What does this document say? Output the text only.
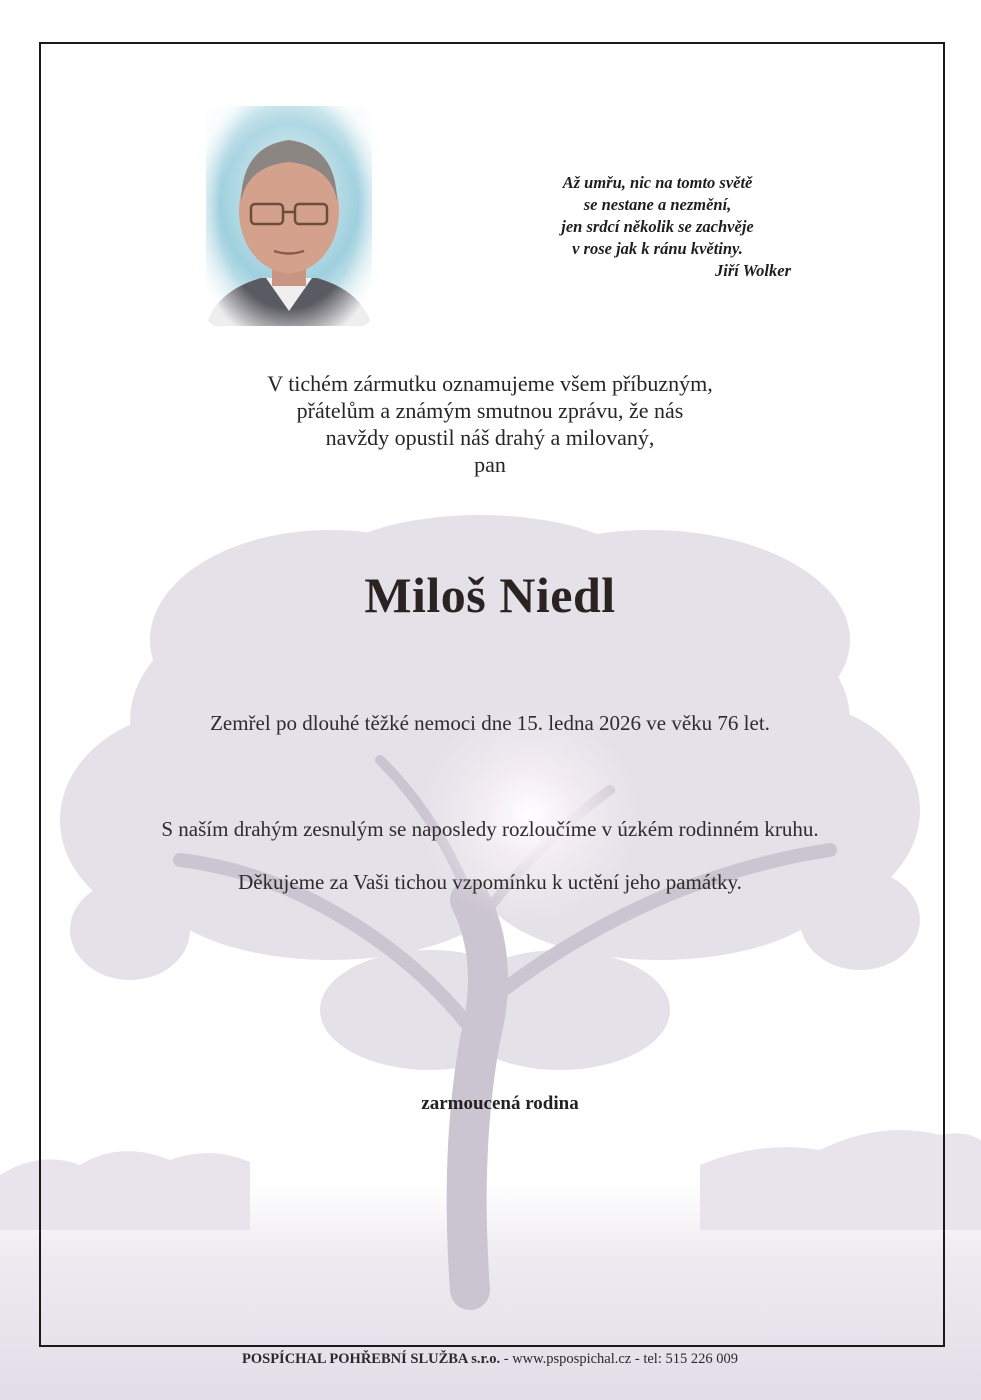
Až umřu, nic na tomto světě
se nestane a nezmění,
jen srdcí několik se zachvěje
v rose jak k ránu květiny.
Jiří Wolker
V tichém zármutku oznamujeme všem příbuzným,
přátelům a známým smutnou zprávu, že nás
navždy opustil náš drahý a milovaný,
pan
Miloš Niedl
Zemřel po dlouhé těžké nemoci dne 15. ledna 2026 ve věku 76 let.
S naším drahým zesnulým se naposledy rozloučíme v úzkém rodinném kruhu.
Děkujeme za Vaši tichou vzpomínku k uctění jeho památky.
zarmoucená rodina
POSPÍCHAL POHŘEBNÍ SLUŽBA s.r.o. - www.pspospichal.cz - tel: 515 226 009
